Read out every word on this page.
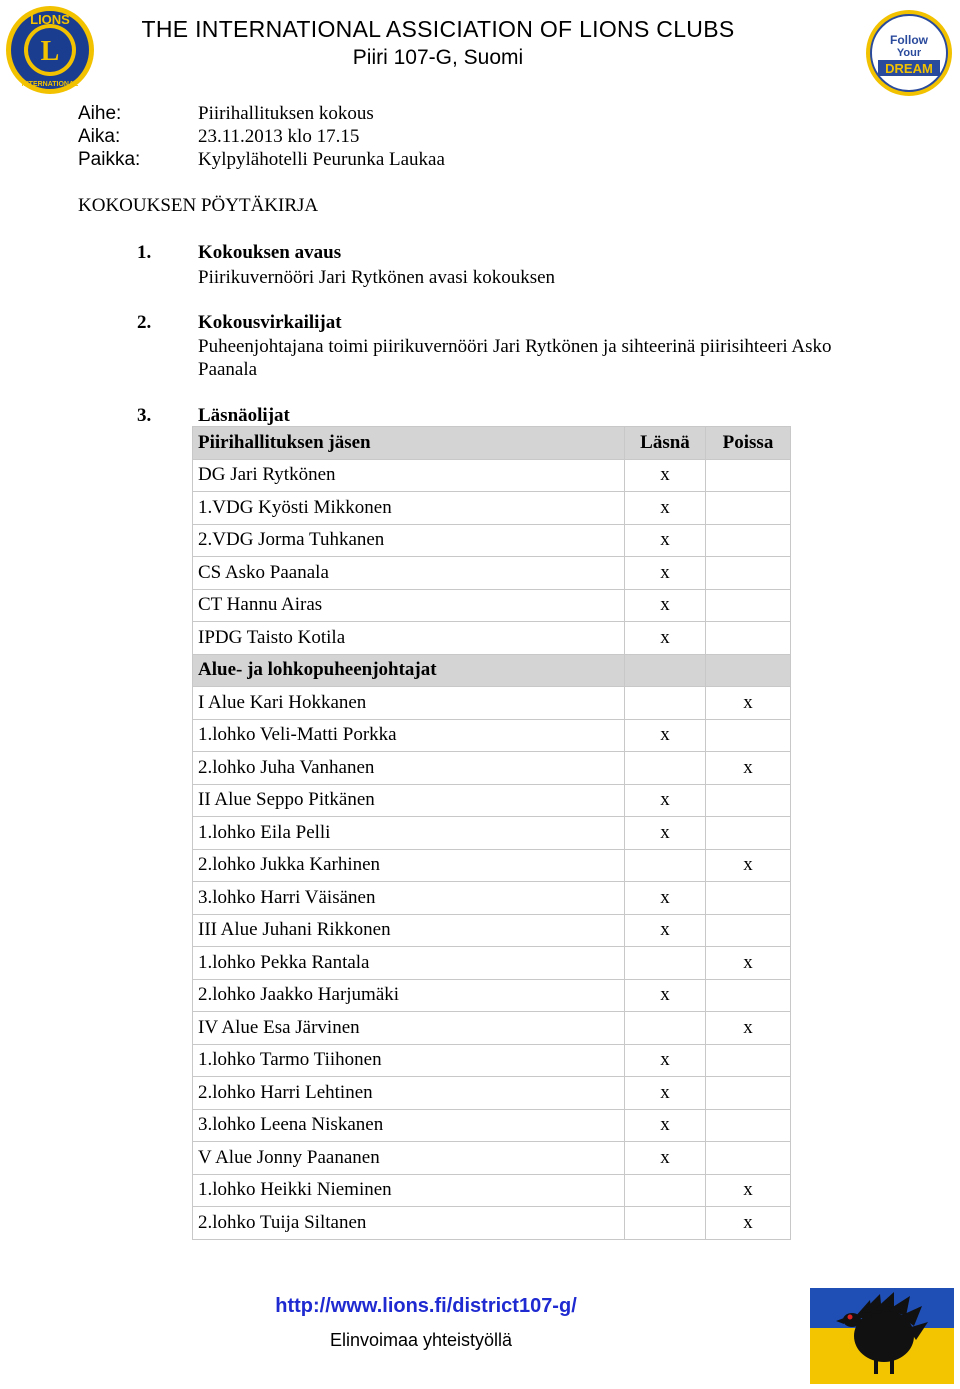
LIONS
INTERNATIONAL
L
THE INTERNATIONAL ASSICIATION OF LIONS CLUBS
Piiri 107-G, Suomi
Follow
Your
DREAM
Aihe:	Piirihallituksen kokous
Aika:	23.11.2013 klo 17.15
Paikka:	Kylpylähotelli Peurunka Laukaa
KOKOUKSEN PÖYTÄKIRJA
1. Kokouksen avaus
Piirikuvernööri Jari Rytkönen avasi kokouksen
2. Kokousvirkailijat
Puheenjohtajana toimi piirikuvernööri Jari Rytkönen ja sihteerinä piirisihteeri Asko Paanala
3. Läsnäolijat
Piirihallituksen jäsen	Läsnä	Poissa
DG Jari Rytkönen	x	
1.VDG Kyösti Mikkonen	x	
2.VDG Jorma Tuhkanen	x	
CS Asko Paanala	x	
CT Hannu Airas	x	
IPDG Taisto Kotila	x	
Alue- ja lohkopuheenjohtajat		
I Alue Kari Hokkanen		x
1.lohko Veli-Matti Porkka	x	
2.lohko Juha Vanhanen		x
II Alue Seppo Pitkänen	x	
1.lohko Eila Pelli	x	
2.lohko Jukka Karhinen		x
3.lohko Harri Väisänen	x	
III Alue Juhani Rikkonen	x	
1.lohko Pekka Rantala		x
2.lohko Jaakko Harjumäki	x	
IV Alue Esa Järvinen		x
1.lohko Tarmo Tiihonen	x	
2.lohko Harri Lehtinen	x	
3.lohko Leena Niskanen	x	
V Alue Jonny Paananen	x	
1.lohko Heikki Nieminen		x
2.lohko Tuija Siltanen		x
http://www.lions.fi/district107-g/
Elinvoimaa yhteistyöllä
